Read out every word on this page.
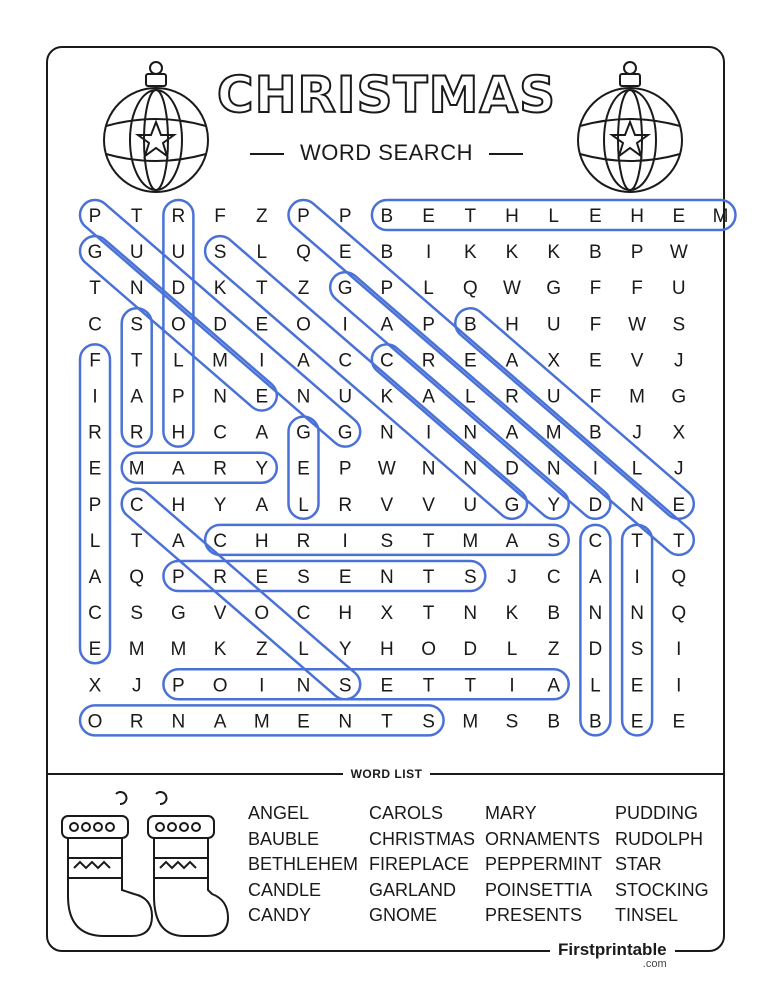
CHRISTMAS
WORD SEARCH
P T R F Z P P B E T H L E H E M
G U U S L Q E B I K K K B P W
T N D K T Z G P L Q W G F F U
C S O D E O I A P B H U F W S
F T L M I A C C R E A X E V J
I A P N E N U K A L R U F M G
R R H C A G G N I N A M B J X
E M A R Y E P W N N D N I L J
P C H Y A L R V V U G Y D N E
L T A C H R I S T M A S C T T
A Q P R E S E N T S J C A I Q
C S G V O C H X T N K B N N Q
E M M K Z L Y H O D L Z D S I
X J P O I N S E T T I A L E I
O R N A M E N T S M S B B E E
WORD LIST
ANGEL	CAROLS	MARY	PUDDING
BAUBLE	CHRISTMAS ORNAMENTS RUDOLPH
BETHLEHEM FIREPLACE PEPPERMINT STAR
CANDLE	GARLAND	POINSETTIA	STOCKING
CANDY	GNOME	PRESENTS	TINSEL
Firstprintable
.com
